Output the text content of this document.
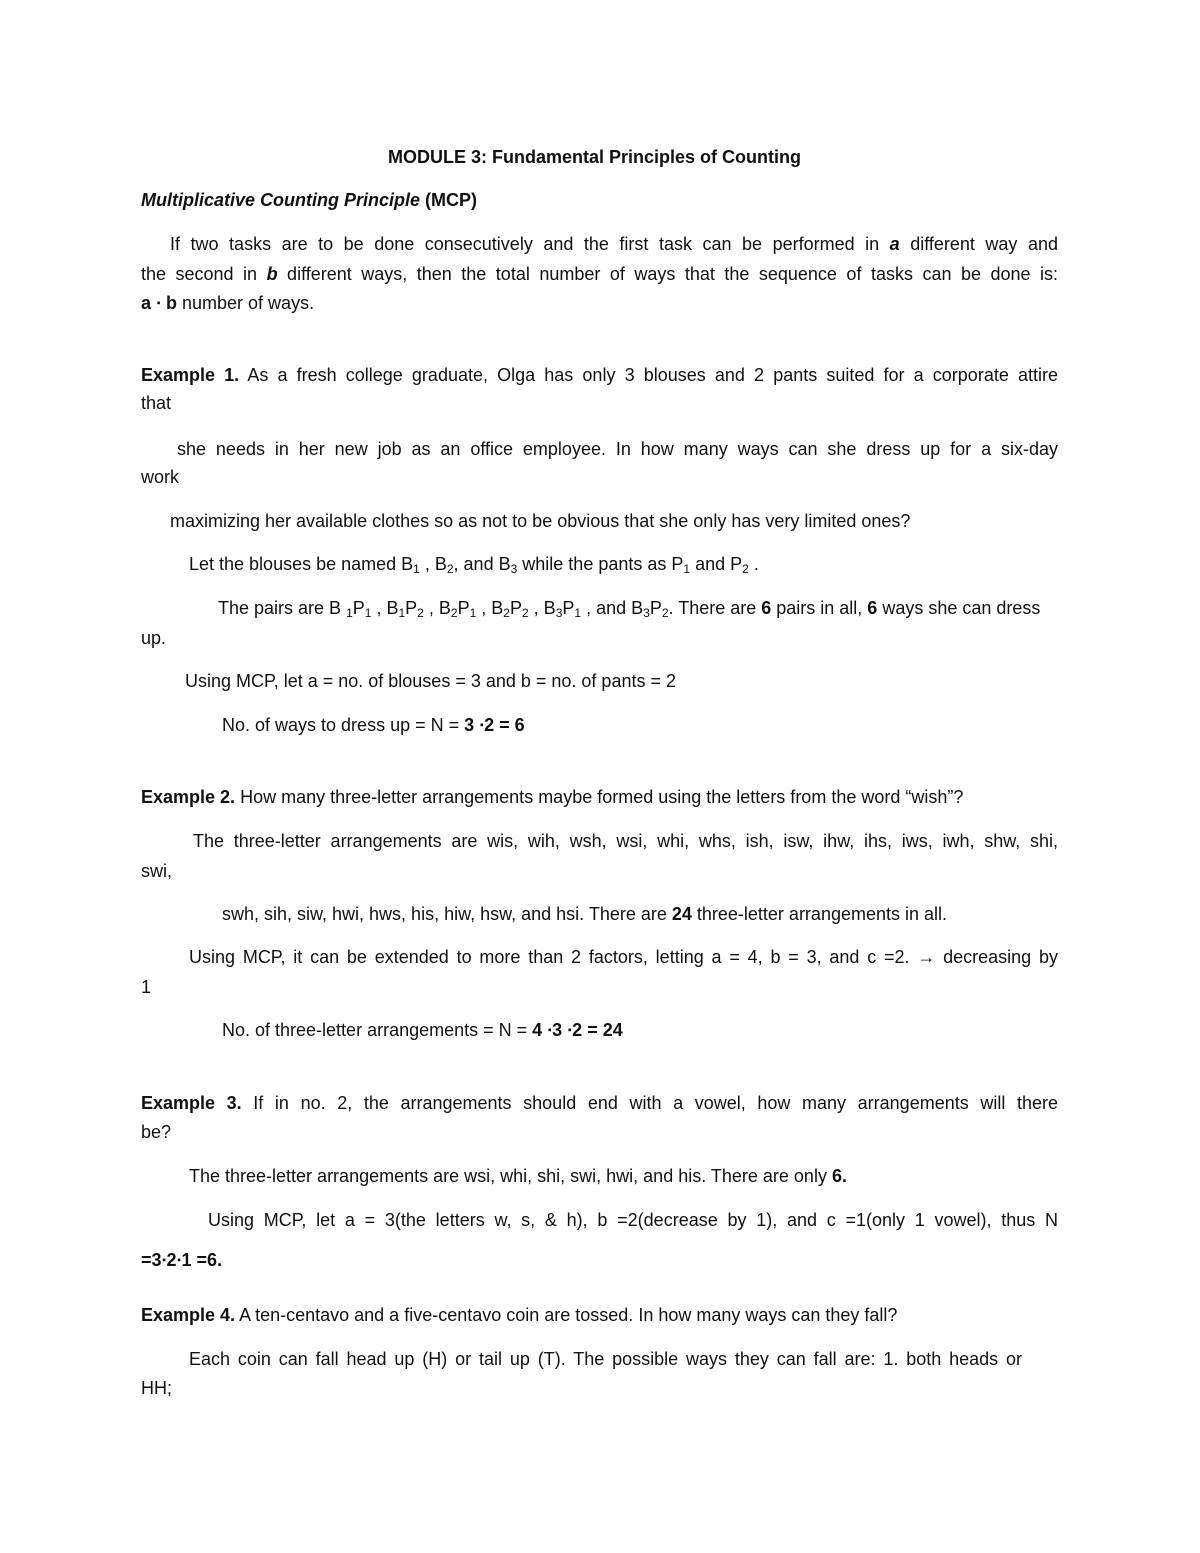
MODULE 3: Fundamental Principles of Counting
Multiplicative Counting Principle (MCP)
If two tasks are to be done consecutively and the first task can be performed in a different way and
the second in b different ways, then the total number of ways that the sequence of tasks can be done is:
a ∙ b number of ways.
Example 1. As a fresh college graduate, Olga has only 3 blouses and 2 pants suited for a corporate attire
that
she needs in her new job as an office employee. In how many ways can she dress up for a six-day
work
maximizing her available clothes so as not to be obvious that she only has very limited ones?
Let the blouses be named $B_1$ , $B_2$, and $B_3$ while the pants as $P_1$ and $P_2$ .
The pairs are B $_1P_1$ , $B_1P_2$ , $B_2P_1$ , $B_2P_2$ , $B_3P_1$ , and $B_3P_2$. There are 6 pairs in all, 6 ways she can dress
up.
Using MCP, let a = no. of blouses = 3 and b = no. of pants = 2
No. of ways to dress up = N = 3 ∙2 = 6
Example 2. How many three-letter arrangements maybe formed using the letters from the word “wish”?
The three-letter arrangements are wis, wih, wsh, wsi, whi, whs, ish, isw, ihw, ihs, iws, iwh, shw, shi,
swi,
swh, sih, siw, hwi, hws, his, hiw, hsw, and hsi. There are 24 three-letter arrangements in all.
Using MCP, it can be extended to more than 2 factors, letting a = 4, b = 3, and c =2. → decreasing by
1
No. of three-letter arrangements = N = 4 ∙3 ∙2 = 24
Example 3. If in no. 2, the arrangements should end with a vowel, how many arrangements will there
be?
The three-letter arrangements are wsi, whi, shi, swi, hwi, and his. There are only 6.
Using MCP, let a = 3(the letters w, s, & h), b =2(decrease by 1), and c =1(only 1 vowel), thus N
=3∙2∙1 =6.
Example 4. A ten-centavo and a five-centavo coin are tossed. In how many ways can they fall?
Each coin can fall head up (H) or tail up (T). The possible ways they can fall are: 1. both heads or
HH;
